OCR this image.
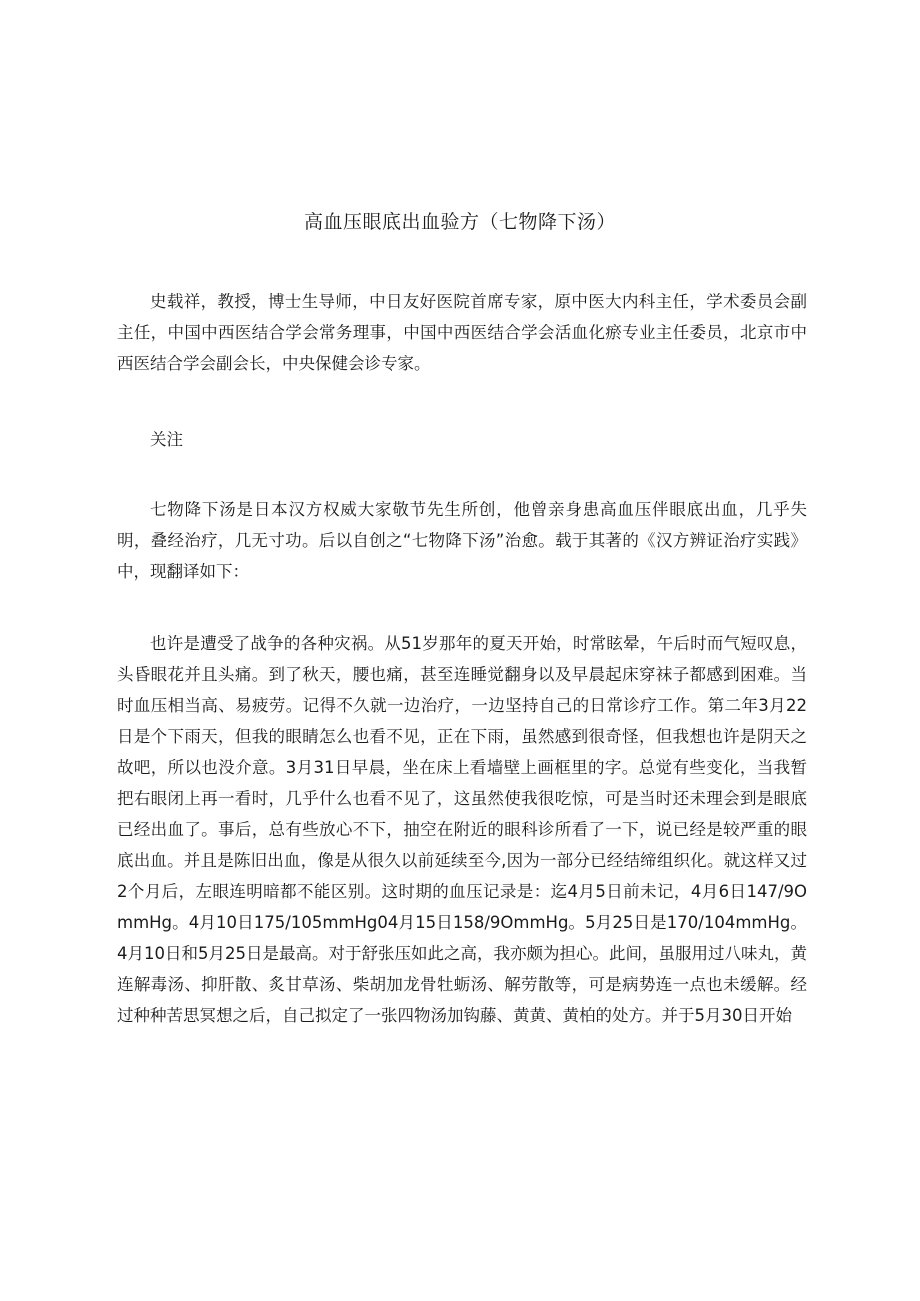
高血压眼底出血验方（七物降下汤）

史载祥，教授，博士生导师，中日友好医院首席专家，原中医大内科主任，学术委员会副主任，中国中西医结合学会常务理事，中国中西医结合学会活血化瘀专业主任委员，北京市中西医结合学会副会长，中央保健会诊专家。

关注

七物降下汤是日本汉方权威大家敬节先生所创，他曾亲身患高血压伴眼底出血，几乎失明，叠经治疗，几无寸功。后以自创之“七物降下汤”治愈。载于其著的《汉方辨证治疗实践》中，现翻译如下：

也许是遭受了战争的各种灾祸。从51岁那年的夏天开始，时常眩晕，午后时而气短叹息，头昏眼花并且头痛。到了秋天，腰也痛，甚至连睡觉翻身以及早晨起床穿袜子都感到困难。当时血压相当高、易疲劳。记得不久就一边治疗，一边坚持自己的日常诊疗工作。第二年3月22日是个下雨天，但我的眼睛怎么也看不见，正在下雨，虽然感到很奇怪，但我想也许是阴天之故吧，所以也没介意。3月31日早晨，坐在床上看墙壁上画框里的字。总觉有些变化，当我暂把右眼闭上再一看时，几乎什么也看不见了，这虽然使我很吃惊，可是当时还未理会到是眼底已经出血了。事后，总有些放心不下，抽空在附近的眼科诊所看了一下，说已经是较严重的眼底出血。并且是陈旧出血，像是从很久以前延续至今,因为一部分已经结缔组织化。就这样又过2个月后，左眼连明暗都不能区别。这时期的血压记录是：迄4月5日前未记，4月6日147/9OmmHg。4月10日175/105mmHg04月15日158/9OmmHg。5月25日是170/104mmHg。4月10日和5月25日是最高。对于舒张压如此之高，我亦颇为担心。此间，虽服用过八味丸，黄连解毒汤、抑肝散、炙甘草汤、柴胡加龙骨牡蛎汤、解劳散等，可是病势连一点也未缓解。经过种种苦思冥想之后，自己拟定了一张四物汤加钩藤、黄黄、黄柏的处方。并于5月30日开始
